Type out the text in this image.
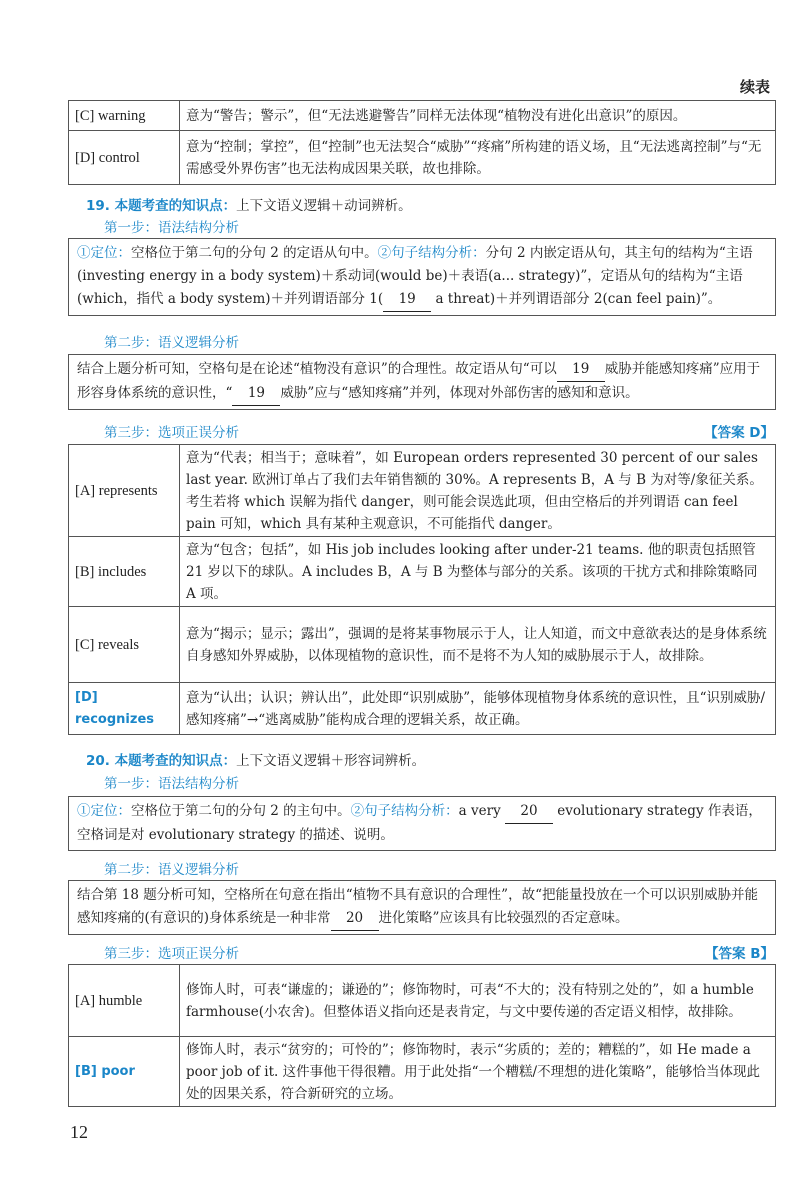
续表
[C] warning	意为“警告；警示”，但“无法逃避警告”同样无法体现“植物没有进化出意识”的原因。
[D] control	意为“控制；掌控”，但“控制”也无法契合“威胁”“疼痛”所构建的语义场，且“无法逃离控制”与“无需感受外界伤害”也无法构成因果关联，故也排除。
19. 本题考查的知识点：上下文语义逻辑＋动词辨析。
第一步：语法结构分析
①定位：空格位于第二句的分句 2 的定语从句中。②句子结构分析：分句 2 内嵌定语从句，其主句的结构为“主语(investing energy in a body system)＋系动词(would be)＋表语(a... strategy)”，定语从句的结构为“主语(which，指代 a body system)＋并列谓语部分 1( 19 a threat)＋并列谓语部分 2(can feel pain)”。
第二步：语义逻辑分析
结合上题分析可知，空格句是在论述“植物没有意识”的合理性。故定语从句“可以 19 威胁并能感知疼痛”应用于形容身体系统的意识性，“ 19 威胁”应与“感知疼痛”并列，体现对外部伤害的感知和意识。
第三步：选项正误分析	【答案 D】
[A] represents	意为“代表；相当于；意味着”，如 European orders represented 30 percent of our sales last year. 欧洲订单占了我们去年销售额的 30%。A represents B，A 与 B 为对等/象征关系。考生若将 which 误解为指代 danger，则可能会误选此项，但由空格后的并列谓语 can feel pain 可知，which 具有某种主观意识，不可能指代 danger。
[B] includes	意为“包含；包括”，如 His job includes looking after under-21 teams. 他的职责包括照管 21 岁以下的球队。A includes B，A 与 B 为整体与部分的关系。该项的干扰方式和排除策略同 A 项。
[C] reveals	意为“揭示；显示；露出”，强调的是将某事物展示于人，让人知道，而文中意欲表达的是身体系统自身感知外界威胁，以体现植物的意识性，而不是将不为人知的威胁展示于人，故排除。
[D] recognizes	意为“认出；认识；辨认出”，此处即“识别威胁”，能够体现植物身体系统的意识性，且“识别威胁/感知疼痛”→“逃离威胁”能构成合理的逻辑关系，故正确。
20. 本题考查的知识点：上下文语义逻辑＋形容词辨析。
第一步：语法结构分析
①定位：空格位于第二句的分句 2 的主句中。②句子结构分析：a very 20 evolutionary strategy 作表语，空格词是对 evolutionary strategy 的描述、说明。
第二步：语义逻辑分析
结合第 18 题分析可知，空格所在句意在指出“植物不具有意识的合理性”，故“把能量投放在一个可以识别威胁并能感知疼痛的(有意识的)身体系统是一种非常 20 进化策略”应该具有比较强烈的否定意味。
第三步：选项正误分析	【答案 B】
[A] humble	修饰人时，可表“谦虚的；谦逊的”；修饰物时，可表“不大的；没有特别之处的”，如 a humble farmhouse(小农舍)。但整体语义指向还是表肯定，与文中要传递的否定语义相悖，故排除。
[B] poor	修饰人时，表示“贫穷的；可怜的”；修饰物时，表示“劣质的；差的；糟糕的”，如 He made a poor job of it. 这件事他干得很糟。用于此处指“一个糟糕/不理想的进化策略”，能够恰当体现此处的因果关系，符合新研究的立场。
12
